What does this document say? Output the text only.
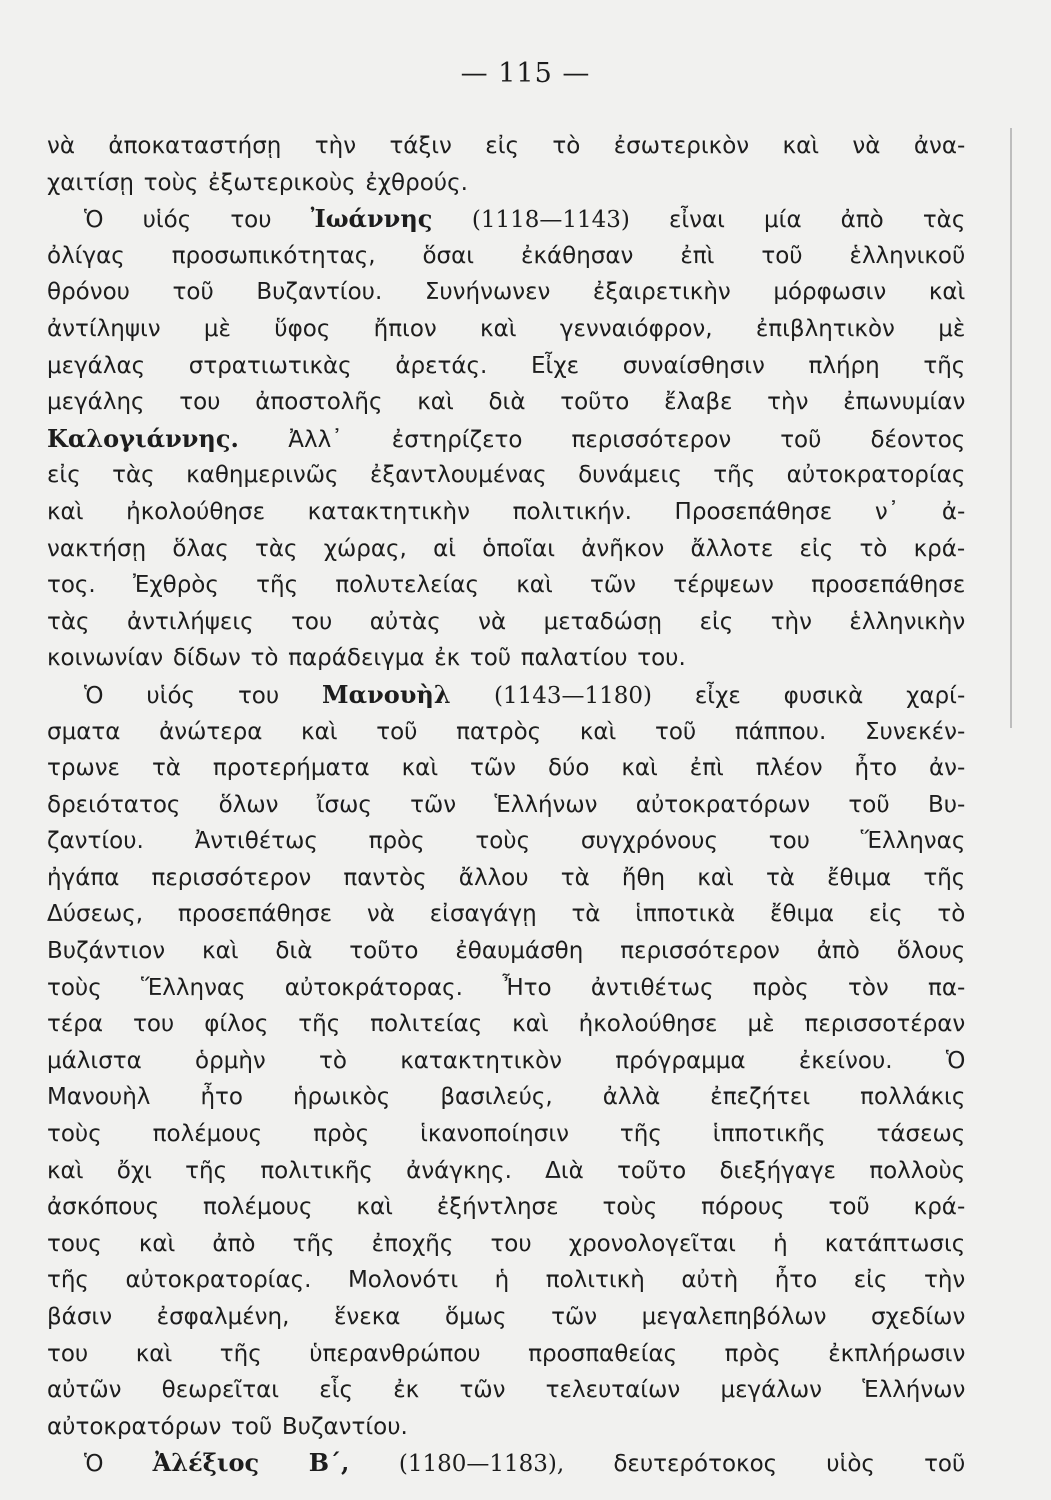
— 115 —
νὰ ἀποκαταστήσῃ τὴν τάξιν εἰς τὸ ἐσωτερικὸν καὶ νὰ ἀνα-
χαιτίσῃ τοὺς ἐξωτερικοὺς ἐχθρούς.
Ὁ υἱός του Ἰωάννης (1118—1143) εἶναι μία ἀπὸ τὰς
ὀλίγας προσωπικότητας, ὅσαι ἐκάθησαν ἐπὶ τοῦ ἑλληνικοῦ
θρόνου τοῦ Βυζαντίου. Συνήνωνεν ἐξαιρετικὴν μόρφωσιν καὶ
ἀντίληψιν μὲ ὕφος ἤπιον καὶ γενναιόφρον, ἐπιβλητικὸν μὲ
μεγάλας στρατιωτικὰς ἀρετάς. Εἶχε συναίσθησιν πλήρη τῆς
μεγάλης του ἀποστολῆς καὶ διὰ τοῦτο ἔλαβε τὴν ἐπωνυμίαν
Καλογιάννης. Ἀλλ᾽ ἐστηρίζετο περισσότερον τοῦ δέοντος
εἰς τὰς καθημερινῶς ἐξαντλουμένας δυνάμεις τῆς αὐτοκρατορίας
καὶ ἠκολούθησε κατακτητικὴν πολιτικήν. Προσεπάθησε ν᾽ ἀ-
νακτήσῃ ὅλας τὰς χώρας, αἱ ὁποῖαι ἀνῆκον ἄλλοτε εἰς τὸ κρά-
τος. Ἐχθρὸς τῆς πολυτελείας καὶ τῶν τέρψεων προσεπάθησε
τὰς ἀντιλήψεις του αὐτὰς νὰ μεταδώσῃ εἰς τὴν ἑλληνικὴν
κοινωνίαν δίδων τὸ παράδειγμα ἐκ τοῦ παλατίου του.
Ὁ υἱός του Μανουὴλ (1143—1180) εἶχε φυσικὰ χαρί-
σματα ἀνώτερα καὶ τοῦ πατρὸς καὶ τοῦ πάππου. Συνεκέν-
τρωνε τὰ προτερήματα καὶ τῶν δύο καὶ ἐπὶ πλέον ἦτο ἀν-
δρειότατος ὅλων ἴσως τῶν Ἑλλήνων αὐτοκρατόρων τοῦ Βυ-
ζαντίου. Ἀντιθέτως πρὸς τοὺς συγχρόνους του Ἕλληνας
ἠγάπα περισσότερον παντὸς ἄλλου τὰ ἤθη καὶ τὰ ἔθιμα τῆς
Δύσεως, προσεπάθησε νὰ εἰσαγάγῃ τὰ ἱπποτικὰ ἔθιμα εἰς τὸ
Βυζάντιον καὶ διὰ τοῦτο ἐθαυμάσθη περισσότερον ἀπὸ ὅλους
τοὺς Ἕλληνας αὐτοκράτορας. Ἦτο ἀντιθέτως πρὸς τὸν πα-
τέρα του φίλος τῆς πολιτείας καὶ ἠκολούθησε μὲ περισσοτέραν
μάλιστα ὁρμὴν τὸ κατακτητικὸν πρόγραμμα ἐκείνου. Ὁ
Μανουὴλ ἦτο ἡρωικὸς βασιλεύς, ἀλλὰ ἐπεζήτει πολλάκις
τοὺς πολέμους πρὸς ἱκανοποίησιν τῆς ἱπποτικῆς τάσεως
καὶ ὄχι τῆς πολιτικῆς ἀνάγκης. Διὰ τοῦτο διεξήγαγε πολλοὺς
ἀσκόπους πολέμους καὶ ἐξήντλησε τοὺς πόρους τοῦ κρά-
τους καὶ ἀπὸ τῆς ἐποχῆς του χρονολογεῖται ἡ κατάπτωσις
τῆς αὐτοκρατορίας. Μολονότι ἡ πολιτικὴ αὐτὴ ἦτο εἰς τὴν
βάσιν ἐσφαλμένη, ἕνεκα ὅμως τῶν μεγαλεπηβόλων σχεδίων
του καὶ τῆς ὑπερανθρώπου προσπαθείας πρὸς ἐκπλήρωσιν
αὐτῶν θεωρεῖται εἷς ἐκ τῶν τελευταίων μεγάλων Ἑλλήνων
αὐτοκρατόρων τοῦ Βυζαντίου.
Ὁ Ἀλέξιος Β΄, (1180—1183), δευτερότοκος υἱὸς τοῦ
